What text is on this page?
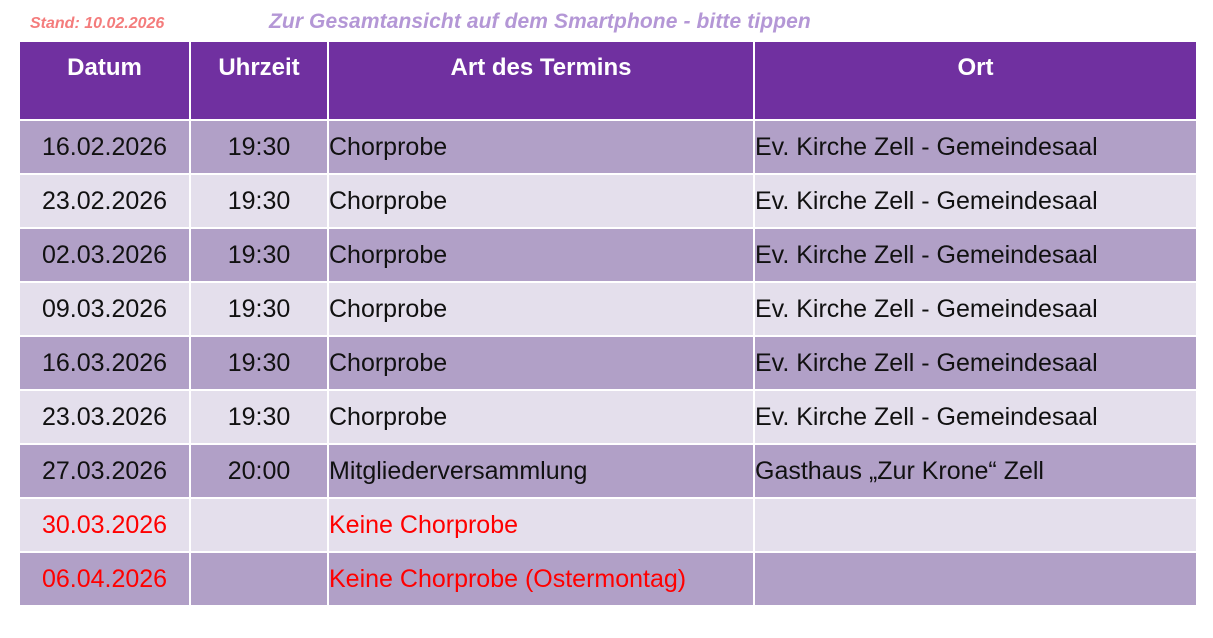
Stand: 10.02.2026	Zur Gesamtansicht auf dem Smartphone - bitte tippen
Datum	Uhrzeit	Art des Termins	Ort
16.02.2026	19:30	Chorprobe	Ev. Kirche Zell - Gemeindesaal
23.02.2026	19:30	Chorprobe	Ev. Kirche Zell - Gemeindesaal
02.03.2026	19:30	Chorprobe	Ev. Kirche Zell - Gemeindesaal
09.03.2026	19:30	Chorprobe	Ev. Kirche Zell - Gemeindesaal
16.03.2026	19:30	Chorprobe	Ev. Kirche Zell - Gemeindesaal
23.03.2026	19:30	Chorprobe	Ev. Kirche Zell - Gemeindesaal
27.03.2026	20:00	Mitgliederversammlung	Gasthaus „Zur Krone“ Zell
30.03.2026		Keine Chorprobe	
06.04.2026		Keine Chorprobe (Ostermontag)	
